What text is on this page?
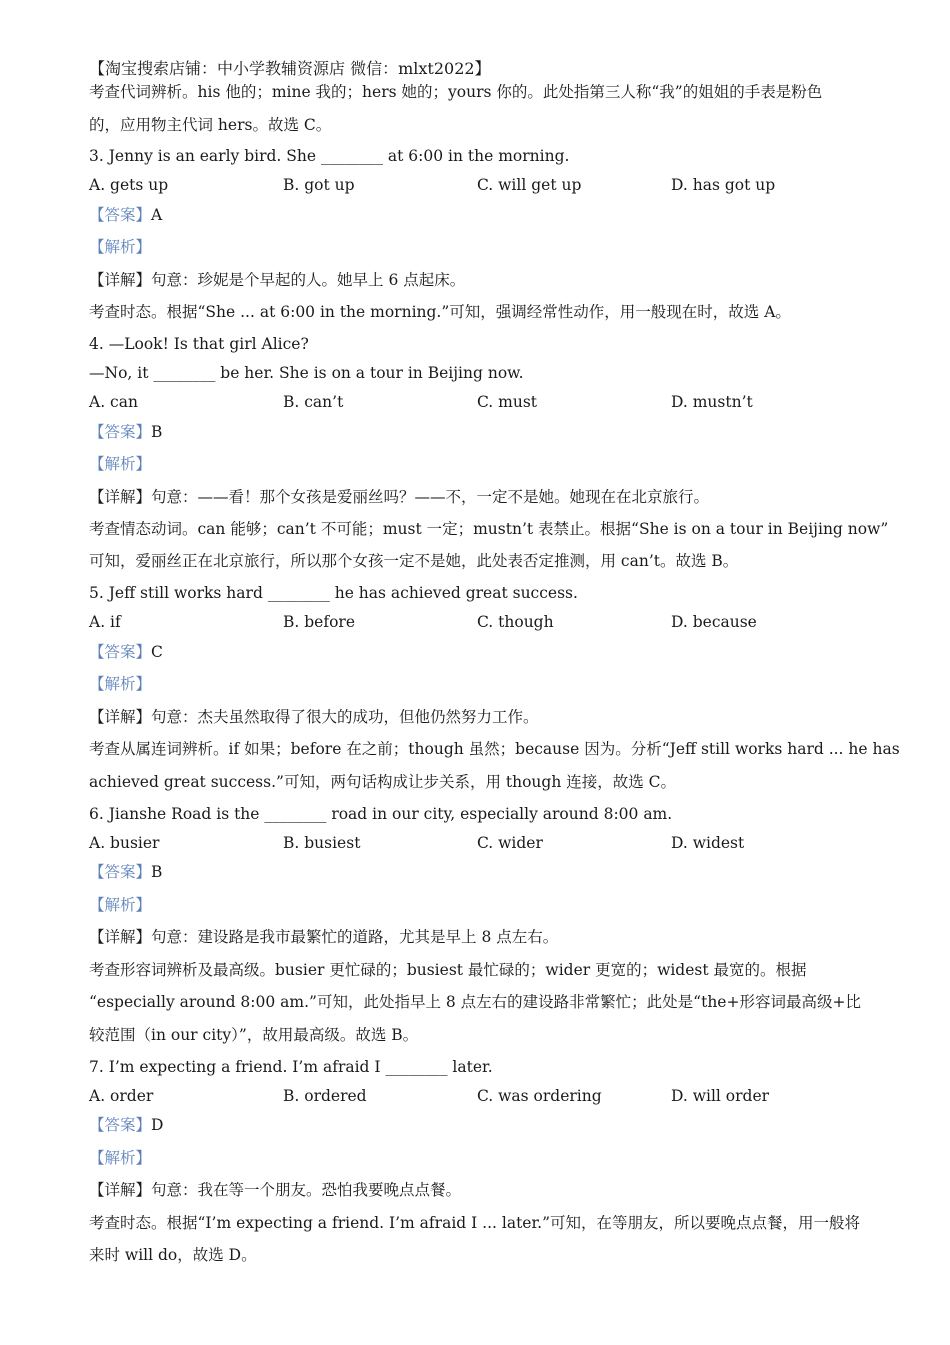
【淘宝搜索店铺：中小学教辅资源店 微信：mlxt2022】
考查代词辨析。his 他的；mine 我的；hers 她的；yours 你的。此处指第三人称“我”的姐姐的手表是粉色
的，应用物主代词 hers。故选 C。
3. Jenny is an early bird. She ________ at 6:00 in the morning.
A. gets up	B. got up	C. will get up	D. has got up
【答案】A
【解析】
【详解】句意：珍妮是个早起的人。她早上 6 点起床。
考查时态。根据“She ... at 6:00 in the morning.”可知，强调经常性动作，用一般现在时，故选 A。
4. —Look! Is that girl Alice?
—No, it ________ be her. She is on a tour in Beijing now.
A. can	B. can’t	C. must	D. mustn’t
【答案】B
【解析】
【详解】句意：——看！那个女孩是爱丽丝吗？——不，一定不是她。她现在在北京旅行。
考查情态动词。can 能够；can’t 不可能；must 一定；mustn’t 表禁止。根据“She is on a tour in Beijing now”
可知，爱丽丝正在北京旅行，所以那个女孩一定不是她，此处表否定推测，用 can’t。故选 B。
5. Jeff still works hard ________ he has achieved great success.
A. if	B. before	C. though	D. because
【答案】C
【解析】
【详解】句意：杰夫虽然取得了很大的成功，但他仍然努力工作。
考查从属连词辨析。if 如果；before 在之前；though 虽然；because 因为。分析“Jeff still works hard ... he has
achieved great success.”可知，两句话构成让步关系，用 though 连接，故选 C。
6. Jianshe Road is the ________ road in our city, especially around 8:00 am.
A. busier	B. busiest	C. wider	D. widest
【答案】B
【解析】
【详解】句意：建设路是我市最繁忙的道路，尤其是早上 8 点左右。
考查形容词辨析及最高级。busier 更忙碌的；busiest 最忙碌的；wider 更宽的；widest 最宽的。根据
“especially around 8:00 am.”可知，此处指早上 8 点左右的建设路非常繁忙；此处是“the+形容词最高级+比
较范围（in our city）”，故用最高级。故选 B。
7. I’m expecting a friend. I’m afraid I ________ later.
A. order	B. ordered	C. was ordering	D. will order
【答案】D
【解析】
【详解】句意：我在等一个朋友。恐怕我要晚点点餐。
考查时态。根据“I’m expecting a friend. I’m afraid I ... later.”可知，在等朋友，所以要晚点点餐，用一般将
来时 will do，故选 D。
